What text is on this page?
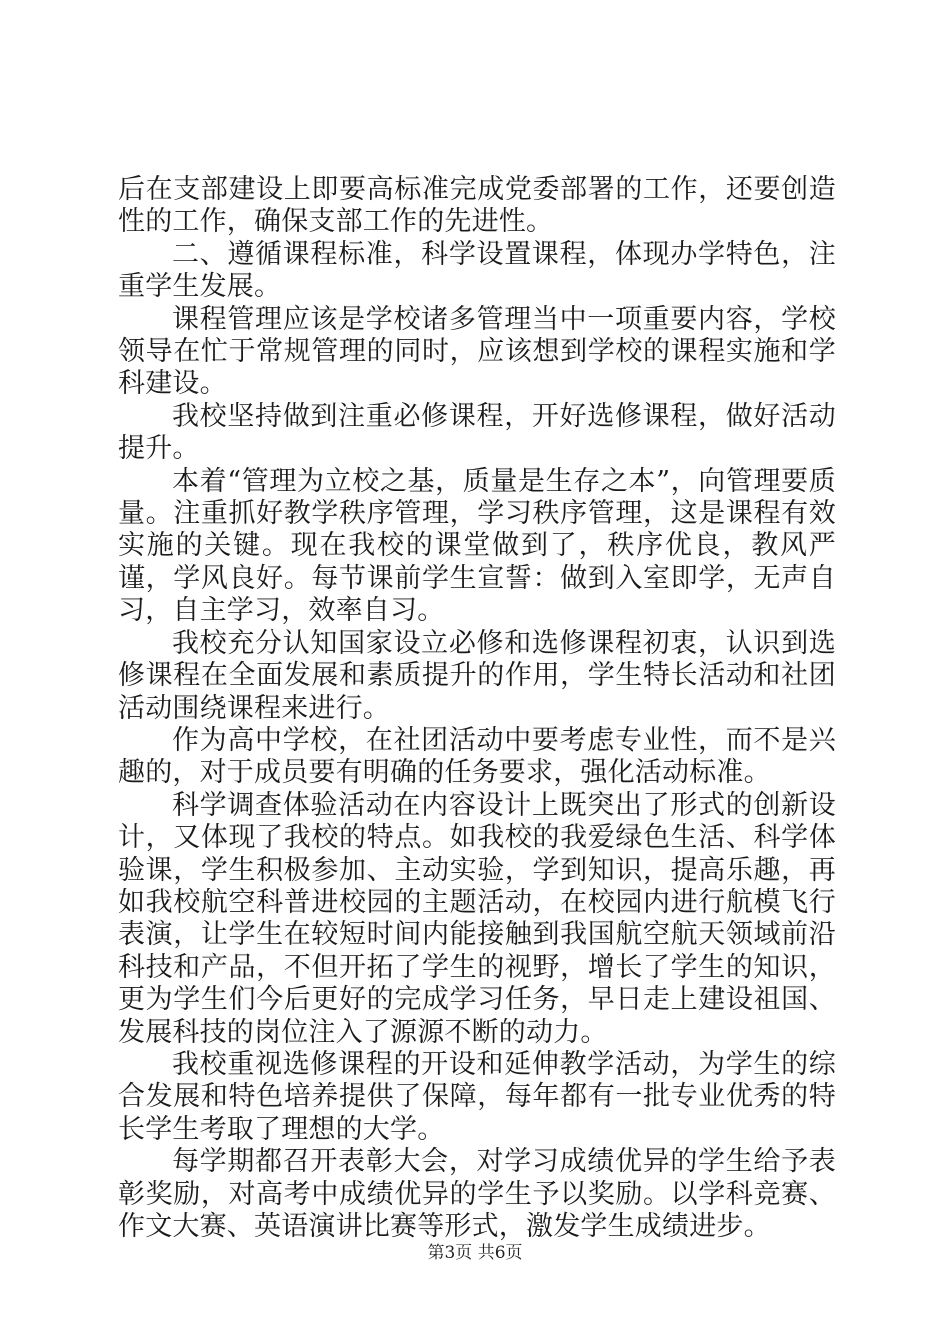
后在支部建设上即要高标准完成党委部署的工作，还要创造性的工作，确保支部工作的先进性。

二、遵循课程标准，科学设置课程，体现办学特色，注重学生发展。

课程管理应该是学校诸多管理当中一项重要内容，学校领导在忙于常规管理的同时，应该想到学校的课程实施和学科建设。

我校坚持做到注重必修课程，开好选修课程，做好活动提升。

本着“管理为立校之基，质量是生存之本”，向管理要质量。注重抓好教学秩序管理，学习秩序管理，这是课程有效实施的关键。现在我校的课堂做到了，秩序优良，教风严谨，学风良好。每节课前学生宣誓：做到入室即学，无声自习，自主学习，效率自习。

我校充分认知国家设立必修和选修课程初衷，认识到选修课程在全面发展和素质提升的作用，学生特长活动和社团活动围绕课程来进行。

作为高中学校，在社团活动中要考虑专业性，而不是兴趣的，对于成员要有明确的任务要求，强化活动标准。

科学调查体验活动在内容设计上既突出了形式的创新设计，又体现了我校的特点。如我校的我爱绿色生活、科学体验课，学生积极参加、主动实验，学到知识，提高乐趣，再如我校航空科普进校园的主题活动，在校园内进行航模飞行表演，让学生在较短时间内能接触到我国航空航天领域前沿科技和产品，不但开拓了学生的视野，增长了学生的知识，更为学生们今后更好的完成学习任务，早日走上建设祖国、发展科技的岗位注入了源源不断的动力。

我校重视选修课程的开设和延伸教学活动，为学生的综合发展和特色培养提供了保障，每年都有一批专业优秀的特长学生考取了理想的大学。

每学期都召开表彰大会，对学习成绩优异的学生给予表彰奖励，对高考中成绩优异的学生予以奖励。以学科竞赛、作文大赛、英语演讲比赛等形式，激发学生成绩进步。

第3页 共6页
